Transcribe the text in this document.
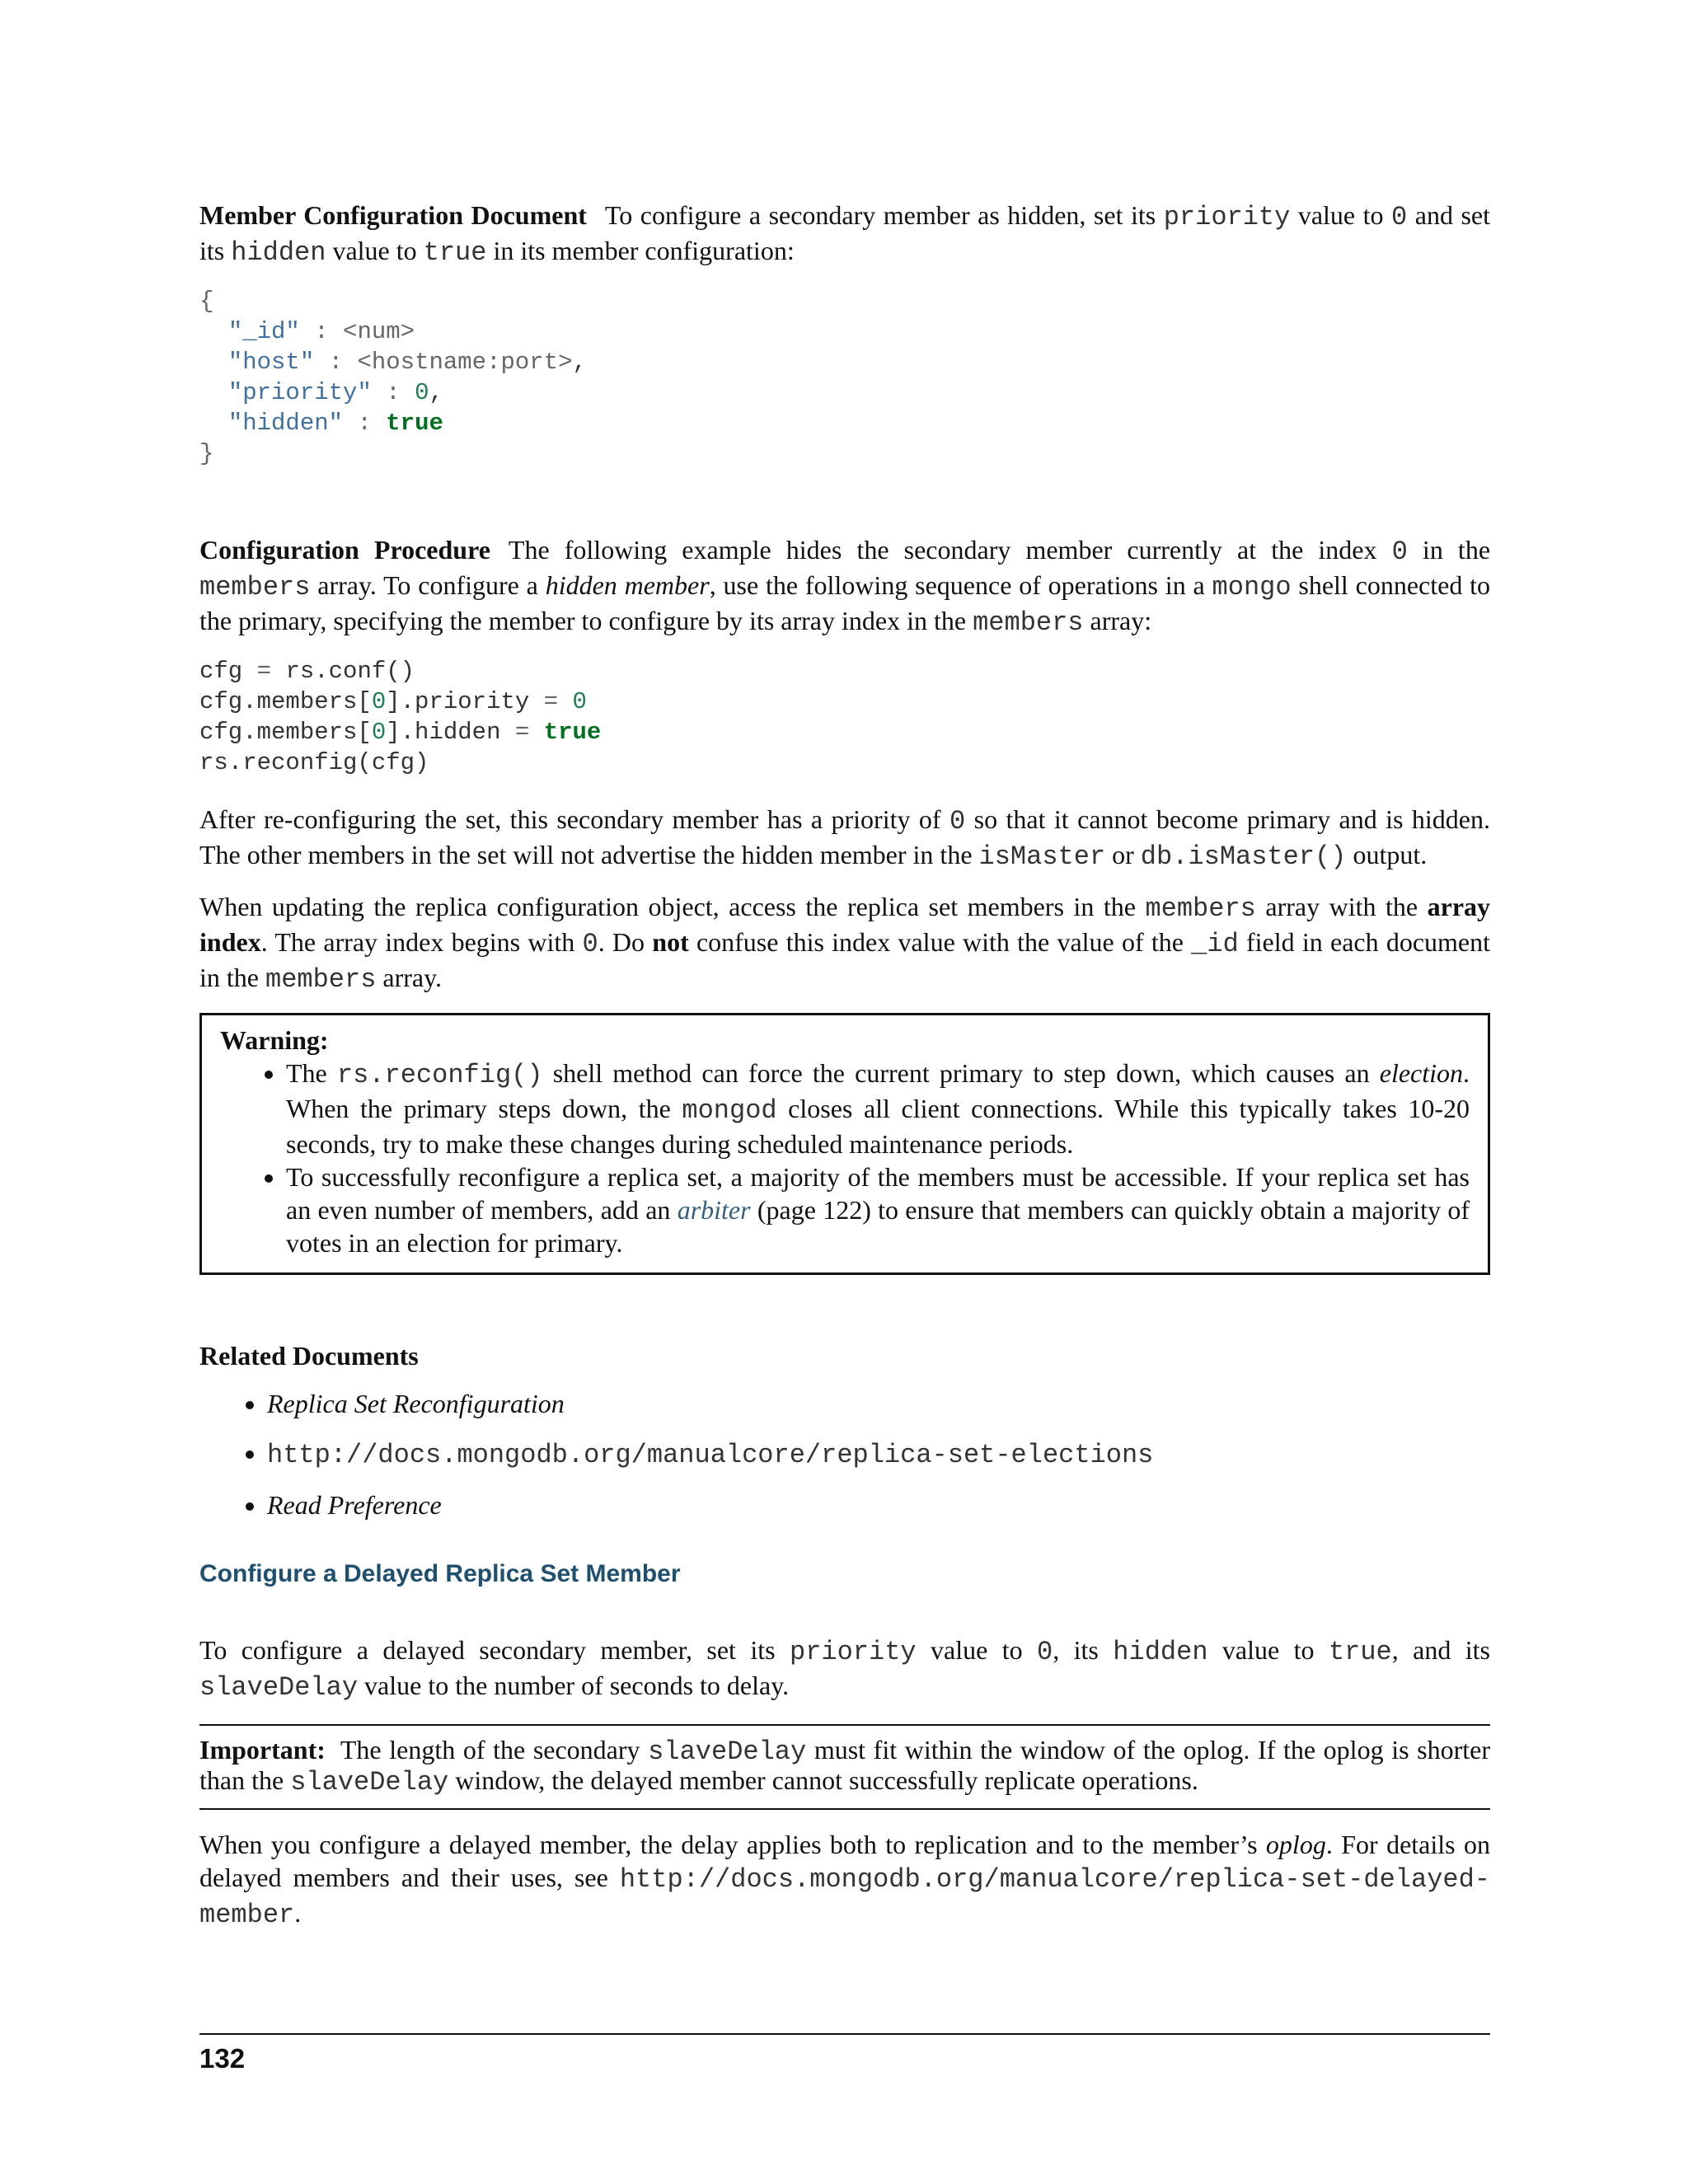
Member Configuration Document To configure a secondary member as hidden, set its priority value to 0 and set its hidden value to true in its member configuration:

{
"_id" : <num>
"host" : <hostname:port>,
"priority" : 0,
"hidden" : true
}

Configuration Procedure The following example hides the secondary member currently at the index 0 in the members array. To configure a hidden member, use the following sequence of operations in a mongo shell connected to the primary, specifying the member to configure by its array index in the members array:

cfg = rs.conf()
cfg.members[0].priority = 0
cfg.members[0].hidden = true
rs.reconfig(cfg)

After re-configuring the set, this secondary member has a priority of 0 so that it cannot become primary and is hidden. The other members in the set will not advertise the hidden member in the isMaster or db.isMaster() output.

When updating the replica configuration object, access the replica set members in the members array with the array index. The array index begins with 0. Do not confuse this index value with the value of the _id field in each document in the members array.

Warning:
• The rs.reconfig() shell method can force the current primary to step down, which causes an election. When the primary steps down, the mongod closes all client connections. While this typically takes 10-20 seconds, try to make these changes during scheduled maintenance periods.
• To successfully reconfigure a replica set, a majority of the members must be accessible. If your replica set has an even number of members, add an arbiter (page 122) to ensure that members can quickly obtain a majority of votes in an election for primary.
Related Documents
• Replica Set Reconfiguration
• http://docs.mongodb.org/manualcore/replica-set-elections
• Read Preference
Configure a Delayed Replica Set Member

To configure a delayed secondary member, set its priority value to 0, its hidden value to true, and its slaveDelay value to the number of seconds to delay.

Important: The length of the secondary slaveDelay must fit within the window of the oplog. If the oplog is shorter than the slaveDelay window, the delayed member cannot successfully replicate operations.

When you configure a delayed member, the delay applies both to replication and to the member’s oplog. For details on delayed members and their uses, see http://docs.mongodb.org/manualcore/replica-set-delayed-member.

132
